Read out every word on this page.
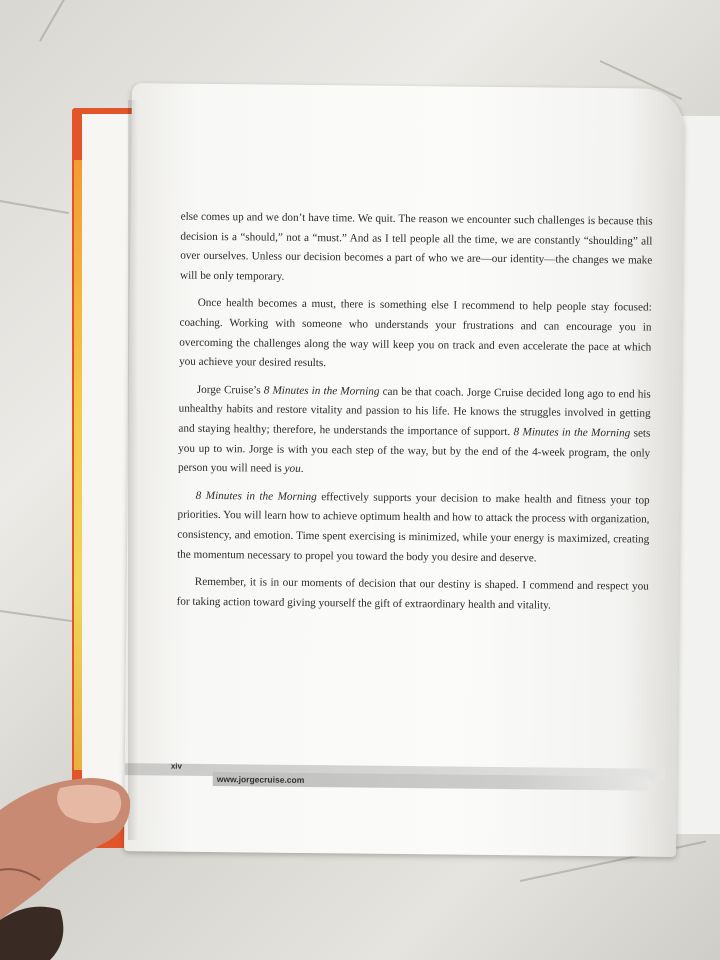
else comes up and we don’t have time. We quit. The reason we encounter such challenges is because this decision is a “should,” not a “must.” And as I tell people all the time, we are constantly “shoulding” all over ourselves. Unless our decision becomes a part of who we are—our identity—the changes we make will be only temporary.

Once health becomes a must, there is something else I recommend to help people stay focused: coaching. Working with someone who understands your frustrations and can encourage you in overcoming the challenges along the way will keep you on track and even accelerate the pace at which you achieve your desired results.

Jorge Cruise’s 8 Minutes in the Morning can be that coach. Jorge Cruise decided long ago to end his unhealthy habits and restore vitality and passion to his life. He knows the struggles involved in getting and staying healthy; therefore, he understands the importance of support. 8 Minutes in the Morning sets you up to win. Jorge is with you each step of the way, but by the end of the 4-week program, the only person you will need is you.

8 Minutes in the Morning effectively supports your decision to make health and fitness your top priorities. You will learn how to achieve optimum health and how to attack the process with organization, consistency, and emotion. Time spent exercising is minimized, while your energy is maximized, creating the momentum necessary to propel you toward the body you desire and deserve.

Remember, it is in our moments of decision that our destiny is shaped. I commend and respect you for taking action toward giving yourself the gift of extraordinary health and vitality.

xiv
www.jorgecruise.com
